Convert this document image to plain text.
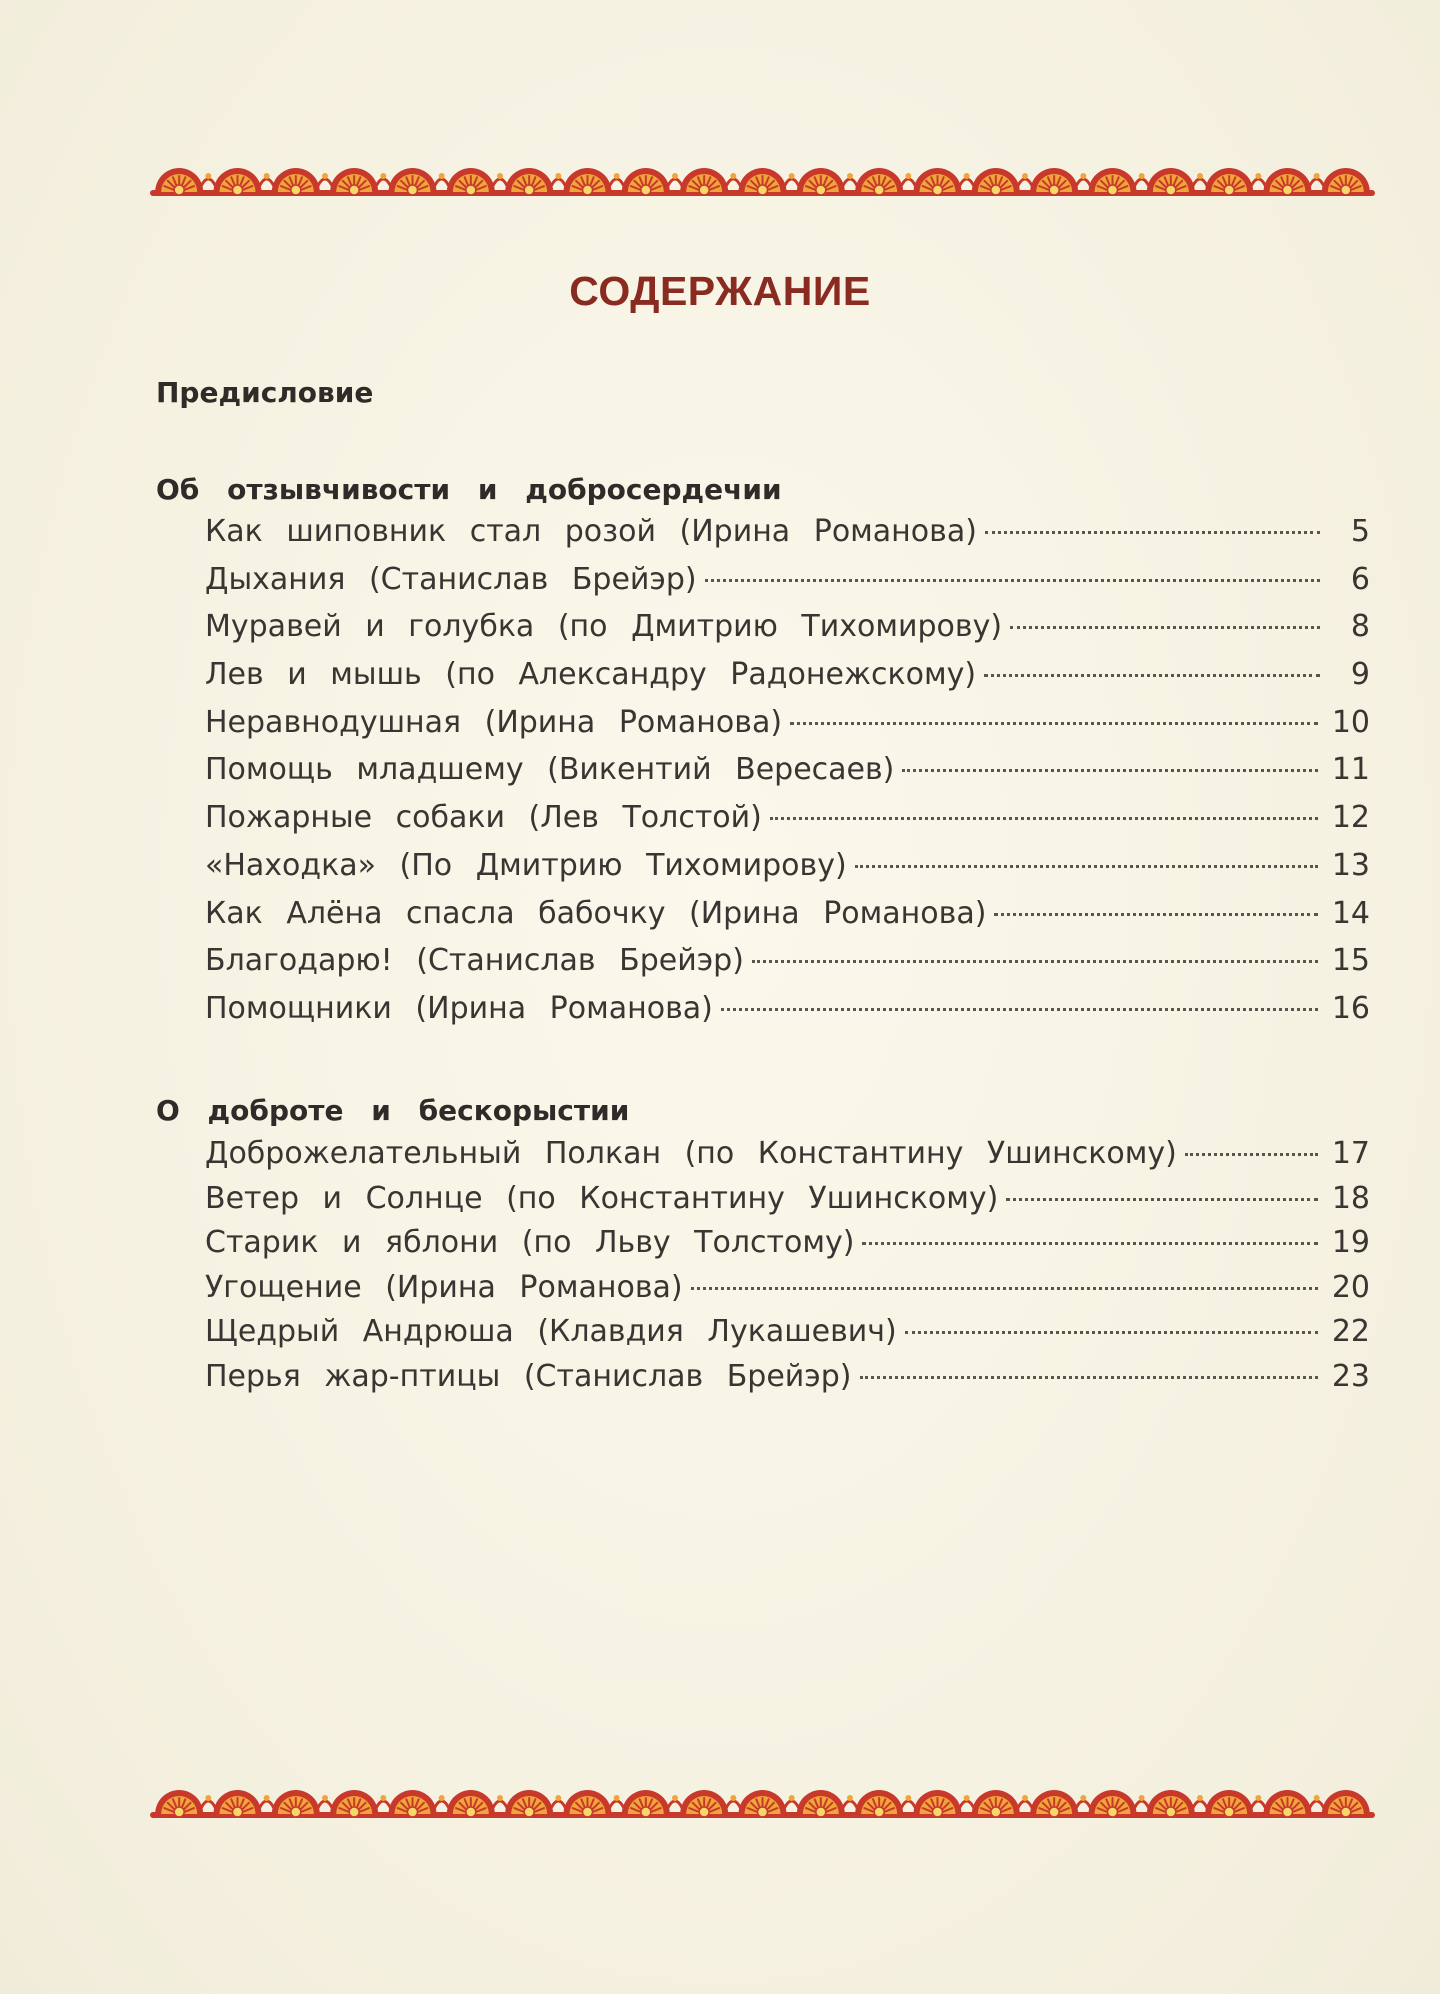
СОДЕРЖАНИЕ
Предисловие
Об отзывчивости и добросердечии
Как шиповник стал розой (Ирина Романова)	5
Дыхания (Станислав Брейэр)	6
Муравей и голубка (по Дмитрию Тихомирову)	8
Лев и мышь (по Александру Радонежскому)	9
Неравнодушная (Ирина Романова)	10
Помощь младшему (Викентий Вересаев)	11
Пожарные собаки (Лев Толстой)	12
«Находка» (По Дмитрию Тихомирову)	13
Как Алёна спасла бабочку (Ирина Романова)	14
Благодарю! (Станислав Брейэр)	15
Помощники (Ирина Романова)	16
О доброте и бескорыстии
Доброжелательный Полкан (по Константину Ушинскому)	17
Ветер и Солнце (по Константину Ушинскому)	18
Старик и яблони (по Льву Толстому)	19
Угощение (Ирина Романова)	20
Щедрый Андрюша (Клавдия Лукашевич)	22
Перья жар-птицы (Станислав Брейэр)	23
